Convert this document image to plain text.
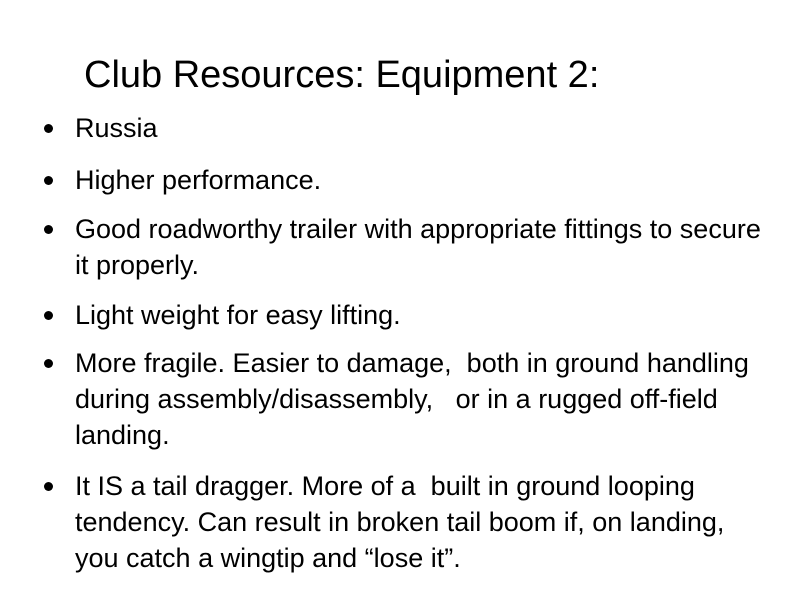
Club Resources: Equipment 2:
Russia
Higher performance.
Good roadworthy trailer with appropriate fittings to secure it properly.
Light weight for easy lifting.
More fragile. Easier to damage,  both in ground handling during assembly/disassembly,   or in a rugged off-field landing.
It IS a tail dragger. More of a  built in ground looping tendency. Can result in broken tail boom if, on landing, you catch a wingtip and “lose it”.
